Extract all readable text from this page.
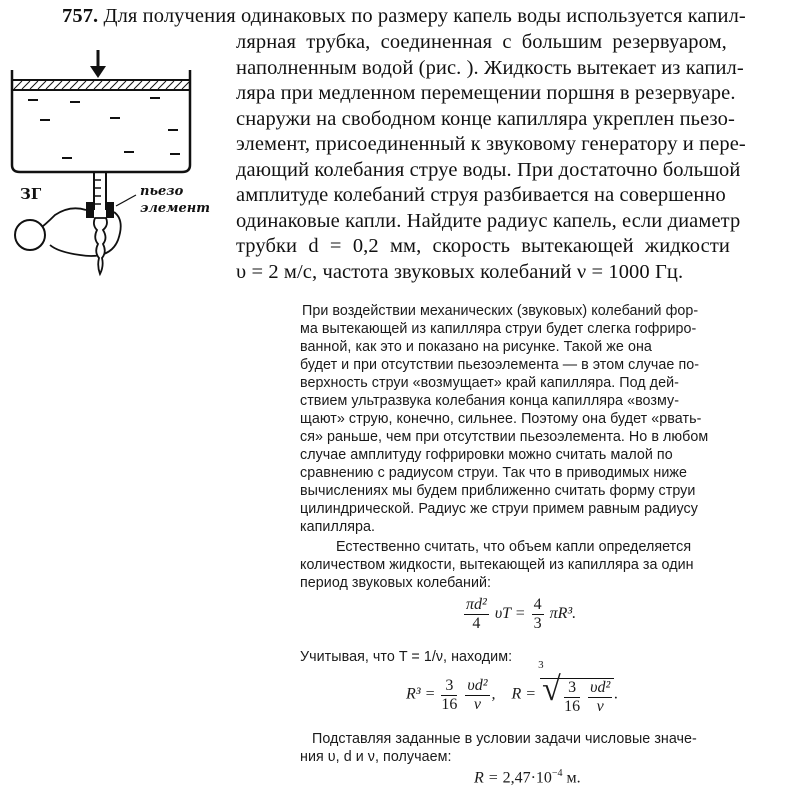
757. Для получения одинаковых по размеру капель воды используется капил-
лярная трубка, соединенная с большим резервуаром,
наполненным водой (рис. ). Жидкость вытекает из капил-
ляра при медленном перемещении поршня в резервуаре.
снаружи на свободном конце капилляра укреплен пьезо-
элемент, присоединенный к звуковому генератору и пере-
дающий колебания струе воды. При достаточно большой
амплитуде колебаний струя разбивается на совершенно
одинаковые капли. Найдите радиус капель, если диаметр
трубки d = 0,2 мм, скорость вытекающей жидкости
υ = 2 м/с, частота звуковых колебаний ν = 1000 Гц.
пьезо
элемент
ЗГ
При воздействии механических (звуковых) колебаний фор-
ма вытекающей из капилляра струи будет слегка гофриро-
ванной, как это и показано на рисунке. Такой же она
будет и при отсутствии пьезоэлемента — в этом случае по-
верхность струи «возмущает» край капилляра. Под дей-
ствием ультразвука колебания конца капилляра «возму-
щают» струю, конечно, сильнее. Поэтому она будет «рвать-
ся» раньше, чем при отсутствии пьезоэлемента. Но в любом
случае амплитуду гофрировки можно считать малой по
сравнению с радиусом струи. Так что в приводимых ниже
вычислениях мы будем приближенно считать форму струи
цилиндрической. Радиус же струи примем равным радиусу
капилляра.
Естественно считать, что объем капли определяется
количеством жидкости, вытекающей из капилляра за один
период звуковых колебаний:
$\frac{\text{πd²}}{4}$ $\upsilon T = \frac{4}{3} \pi R^3$.
Учитывая, что T = 1/ν, находим:
$R^3 = \frac{3}{16}$
$\frac{\text{υd²}}{\nu}$ , R =
3
√ $\frac{3}{16}$
$\frac{\text{υd²}}{\nu}$ .
Подставляя заданные в условии задачи числовые значе-
ния υ, d и ν, получаем:
$R = 2,47\cdot 10^{-4}$ м.
